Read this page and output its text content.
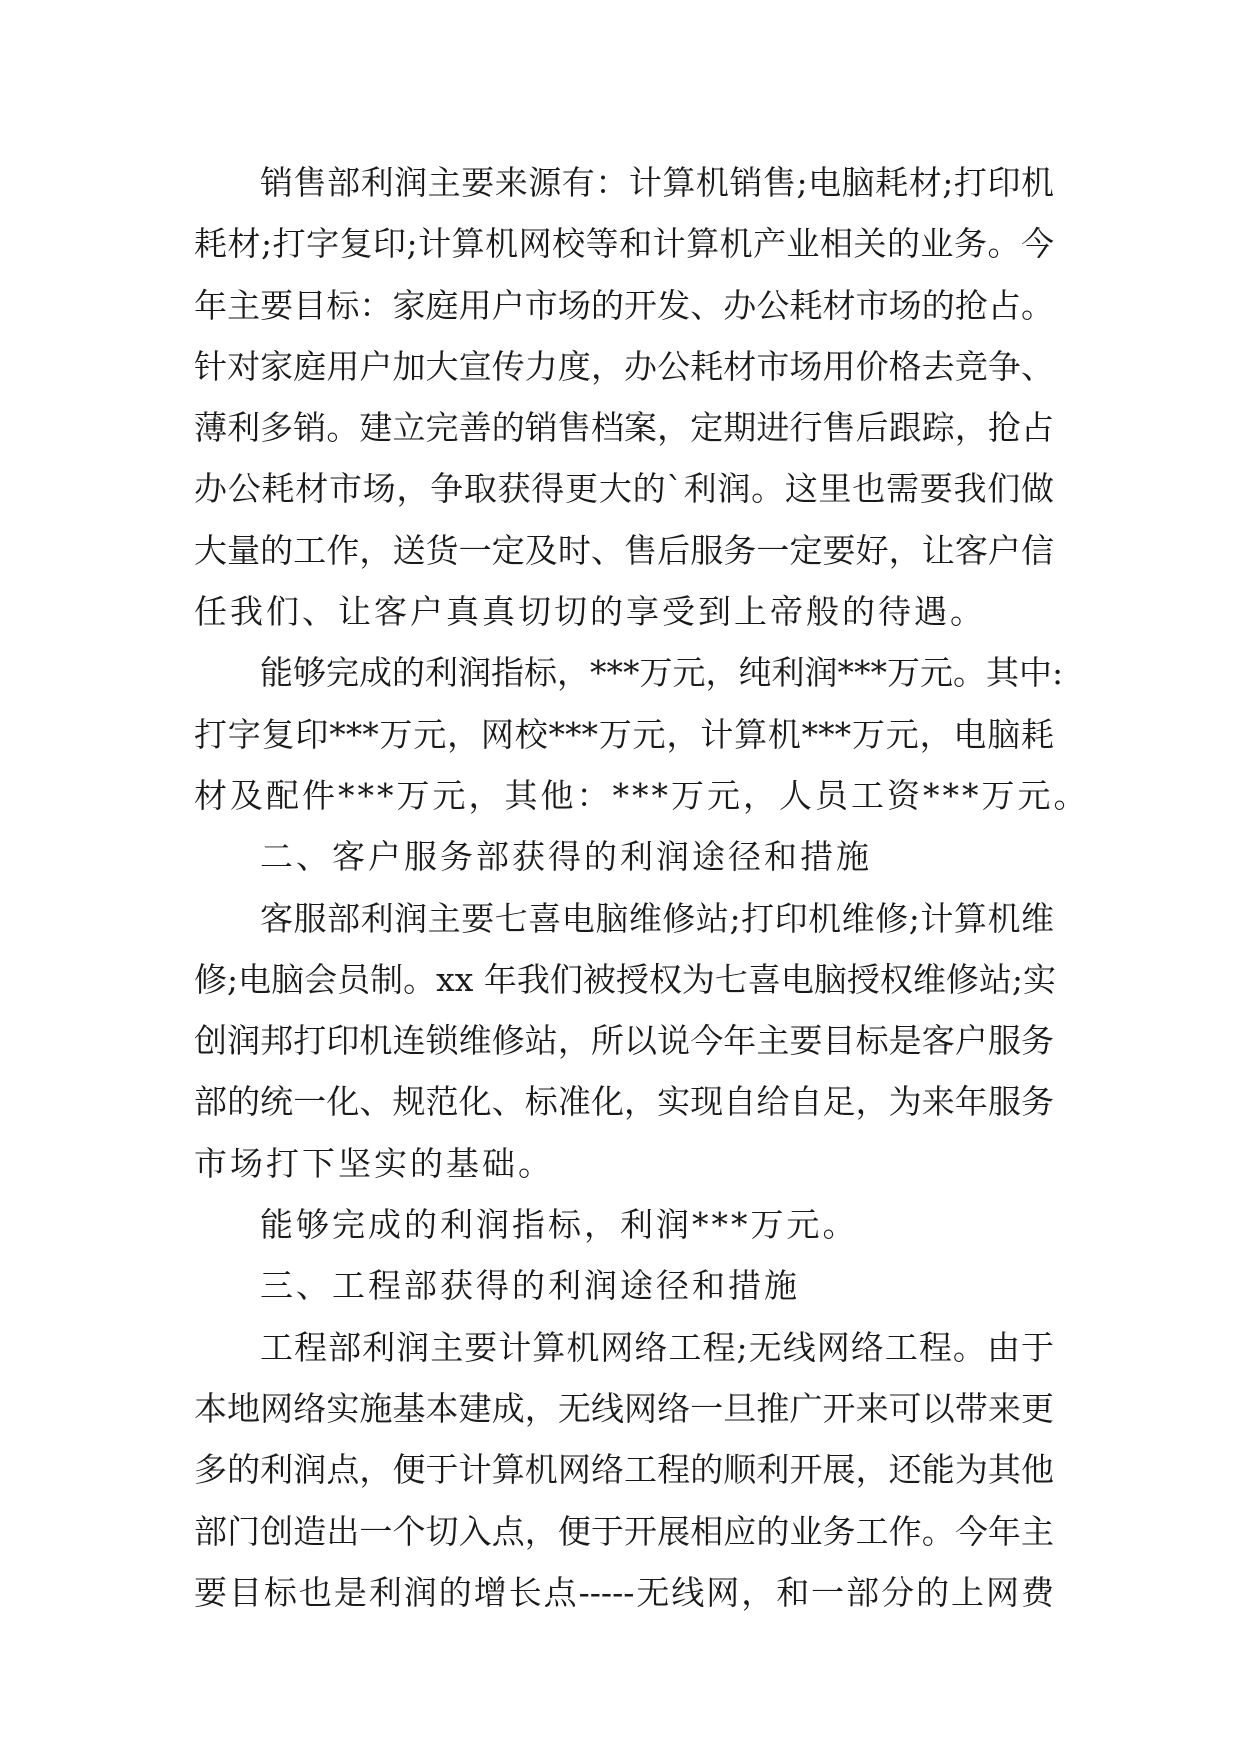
销售部利润主要来源有：计算机销售;电脑耗材;打印机
耗材;打字复印;计算机网校等和计算机产业相关的业务。今
年主要目标：家庭用户市场的开发、办公耗材市场的抢占。
针对家庭用户加大宣传力度，办公耗材市场用价格去竞争、
薄利多销。建立完善的销售档案，定期进行售后跟踪，抢占
办公耗材市场，争取获得更大的`利润。这里也需要我们做
大量的工作，送货一定及时、售后服务一定要好，让客户信
任我们、让客户真真切切的享受到上帝般的待遇。
能够完成的利润指标，***万元，纯利润***万元。其中:
打字复印***万元，网校***万元，计算机***万元，电脑耗
材及配件***万元，其他：***万元，人员工资***万元。
二、客户服务部获得的利润途径和措施
客服部利润主要七喜电脑维修站;打印机维修;计算机维
修;电脑会员制。xx 年我们被授权为七喜电脑授权维修站;实
创润邦打印机连锁维修站，所以说今年主要目标是客户服务
部的统一化、规范化、标准化，实现自给自足，为来年服务
市场打下坚实的基础。
能够完成的利润指标，利润***万元。
三、工程部获得的利润途径和措施
工程部利润主要计算机网络工程;无线网络工程。由于
本地网络实施基本建成，无线网络一旦推广开来可以带来更
多的利润点，便于计算机网络工程的顺利开展，还能为其他
部门创造出一个切入点，便于开展相应的业务工作。今年主
要目标也是利润的增长点-----无线网，和一部分的上网费
